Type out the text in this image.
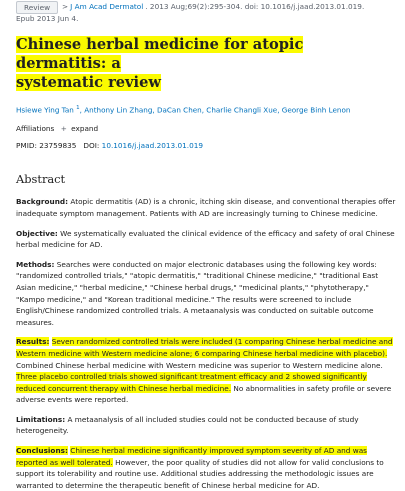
Review	> J Am Acad Dermatol . 2013 Aug;69(2):295-304. doi: 10.1016/j.jaad.2013.01.019.
Epub 2013 Jun 4.
Chinese herbal medicine for atopic dermatitis: a
systematic review
Hsiewe Ying Tan $^1$, Anthony Lin Zhang, DaCan Chen, Charlie Changli Xue, George Binh Lenon
Affiliations + expand
PMID: 23759835 DOI: 10.1016/j.jaad.2013.01.019
Abstract

Background: Atopic dermatitis (AD) is a chronic, itching skin disease, and conventional therapies offer inadequate symptom management. Patients with AD are increasingly turning to Chinese medicine.

Objective: We systematically evaluated the clinical evidence of the efficacy and safety of oral Chinese herbal medicine for AD.

Methods: Searches were conducted on major electronic databases using the following key words: "randomized controlled trials," "atopic dermatitis," "traditional Chinese medicine," "traditional East Asian medicine," "herbal medicine," "Chinese herbal drugs," "medicinal plants," "phytotherapy," "Kampo medicine," and "Korean traditional medicine." The results were screened to include English/Chinese randomized controlled trials. A metaanalysis was conducted on suitable outcome measures.

Results: Seven randomized controlled trials were included (1 comparing Chinese herbal medicine and Western medicine with Western medicine alone; 6 comparing Chinese herbal medicine with placebo). Combined Chinese herbal medicine with Western medicine was superior to Western medicine alone. Three placebo controlled trials showed significant treatment efficacy and 2 showed significantly reduced concurrent therapy with Chinese herbal medicine. No abnormalities in safety profile or severe adverse events were reported.

Limitations: A metaanalysis of all included studies could not be conducted because of study heterogeneity.

Conclusions: Chinese herbal medicine significantly improved symptom severity of AD and was reported as well tolerated. However, the poor quality of studies did not allow for valid conclusions to support its tolerability and routine use. Additional studies addressing the methodologic issues are warranted to determine the therapeutic benefit of Chinese herbal medicine for AD.
